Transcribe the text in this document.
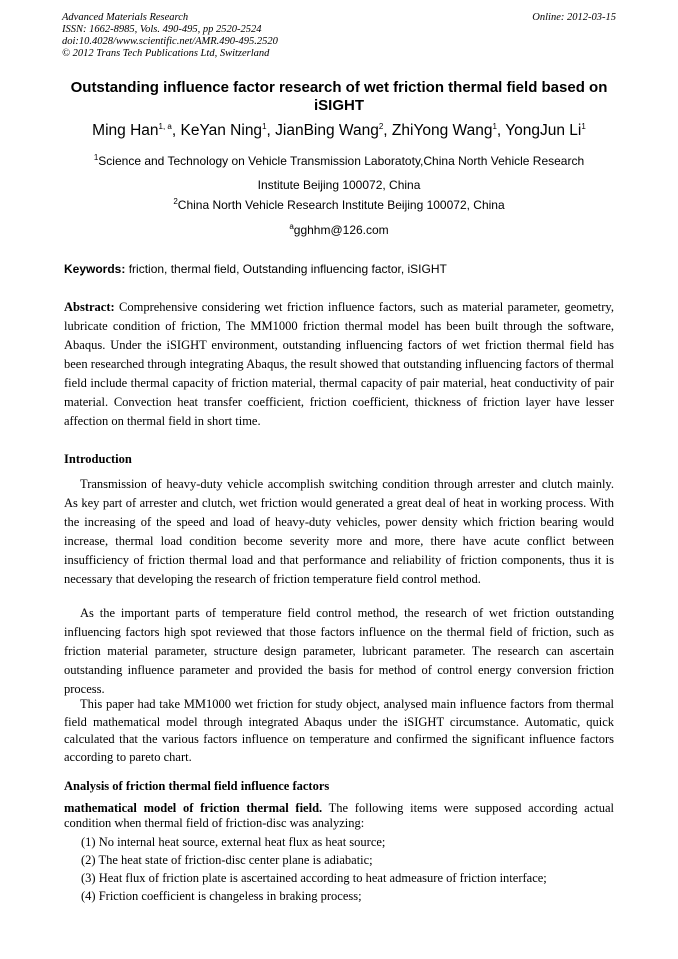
Advanced Materials Research
ISSN: 1662-8985, Vols. 490-495, pp 2520-2524
doi:10.4028/www.scientific.net/AMR.490-495.2520
© 2012 Trans Tech Publications Ltd, Switzerland
Online: 2012-03-15
Outstanding influence factor research of wet friction thermal field based on iSIGHT
Ming Han$^{1, a}$, KeYan Ning$^1$, JianBing Wang$^2$, ZhiYong Wang$^1$, YongJun Li$^1$
$^1$Science and Technology on Vehicle Transmission Laboratoty,China North Vehicle Research
Institute Beijing 100072, China
$^2$China North Vehicle Research Institute Beijing 100072, China
$^a$gghhm@126.com
Keywords: friction, thermal field, Outstanding influencing factor, iSIGHT
Abstract: Comprehensive considering wet friction influence factors, such as material parameter, geometry, lubricate condition of friction, The MM1000 friction thermal model has been built through the software, Abaqus. Under the iSIGHT environment, outstanding influencing factors of wet friction thermal field has been researched through integrating Abaqus, the result showed that outstanding influencing factors of thermal field include thermal capacity of friction material, thermal capacity of pair material, heat conductivity of pair material. Convection heat transfer coefficient, friction coefficient, thickness of friction layer have lesser affection on thermal field in short time.
Introduction
Transmission of heavy-duty vehicle accomplish switching condition through arrester and clutch mainly. As key part of arrester and clutch, wet friction would generated a great deal of heat in working process. With the increasing of the speed and load of heavy-duty vehicles, power density which friction bearing would increase, thermal load condition become severity more and more, there have acute conflict between insufficiency of friction thermal load and that performance and reliability of friction components, thus it is necessary that developing the research of friction temperature field control method.
As the important parts of temperature field control method, the research of wet friction outstanding influencing factors high spot reviewed that those factors influence on the thermal field of friction, such as friction material parameter, structure design parameter, lubricant parameter. The research can ascertain outstanding influence parameter and provided the basis for method of control energy conversion friction process.
This paper had take MM1000 wet friction for study object, analysed main influence factors from thermal field mathematical model through integrated Abaqus under the iSIGHT circumstance. Automatic, quick calculated that the various factors influence on temperature and confirmed the significant influence factors according to pareto chart.
Analysis of friction thermal field influence factors
mathematical model of friction thermal field. The following items were supposed according actual condition when thermal field of friction-disc was analyzing:
(1) No internal heat source, external heat flux as heat source;
(2) The heat state of friction-disc center plane is adiabatic;
(3) Heat flux of friction plate is ascertained according to heat admeasure of friction interface;
(4) Friction coefficient is changeless in braking process;
